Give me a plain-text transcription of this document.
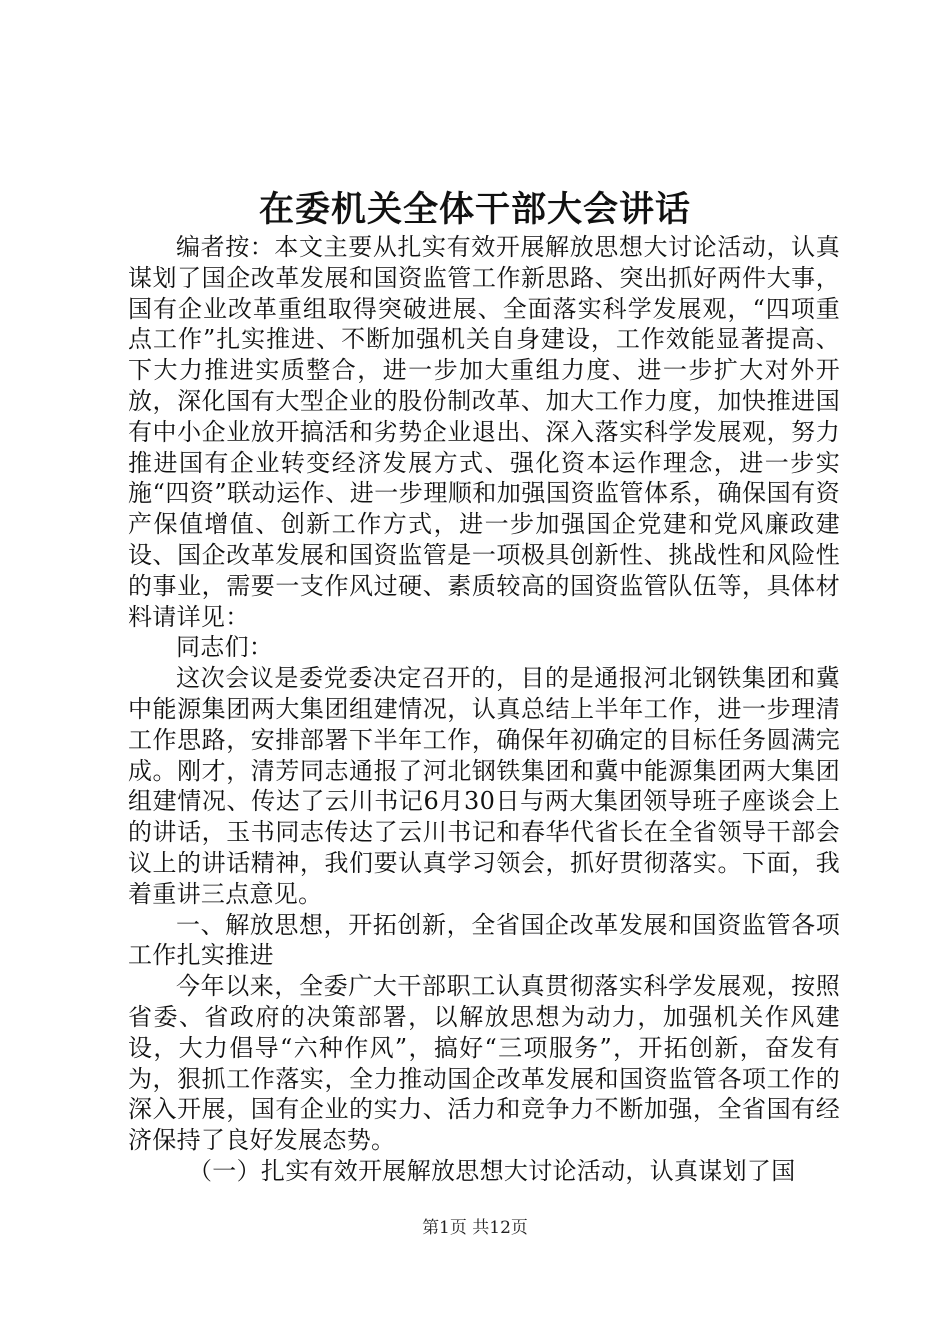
在委机关全体干部大会讲话

编者按：本文主要从扎实有效开展解放思想大讨论活动，认真谋划了国企改革发展和国资监管工作新思路、突出抓好两件大事，国有企业改革重组取得突破进展、全面落实科学发展观，“四项重点工作”扎实推进、不断加强机关自身建设，工作效能显著提高、下大力推进实质整合，进一步加大重组力度、进一步扩大对外开放，深化国有大型企业的股份制改革、加大工作力度，加快推进国有中小企业放开搞活和劣势企业退出、深入落实科学发展观，努力推进国有企业转变经济发展方式、强化资本运作理念，进一步实施“四资”联动运作、进一步理顺和加强国资监管体系，确保国有资产保值增值、创新工作方式，进一步加强国企党建和党风廉政建设、国企改革发展和国资监管是一项极具创新性、挑战性和风险性的事业，需要一支作风过硬、素质较高的国资监管队伍等，具体材料请详见：

同志们：

这次会议是委党委决定召开的，目的是通报河北钢铁集团和冀中能源集团两大集团组建情况，认真总结上半年工作，进一步理清工作思路，安排部署下半年工作，确保年初确定的目标任务圆满完成。刚才，清芳同志通报了河北钢铁集团和冀中能源集团两大集团组建情况、传达了云川书记6月30日与两大集团领导班子座谈会上的讲话，玉书同志传达了云川书记和春华代省长在全省领导干部会议上的讲话精神，我们要认真学习领会，抓好贯彻落实。下面，我着重讲三点意见。

一、解放思想，开拓创新，全省国企改革发展和国资监管各项工作扎实推进

今年以来，全委广大干部职工认真贯彻落实科学发展观，按照省委、省政府的决策部署，以解放思想为动力，加强机关作风建设，大力倡导“六种作风”，搞好“三项服务”，开拓创新，奋发有为，狠抓工作落实，全力推动国企改革发展和国资监管各项工作的深入开展，国有企业的实力、活力和竞争力不断加强，全省国有经济保持了良好发展态势。

（一）扎实有效开展解放思想大讨论活动，认真谋划了国

第1页 共12页
